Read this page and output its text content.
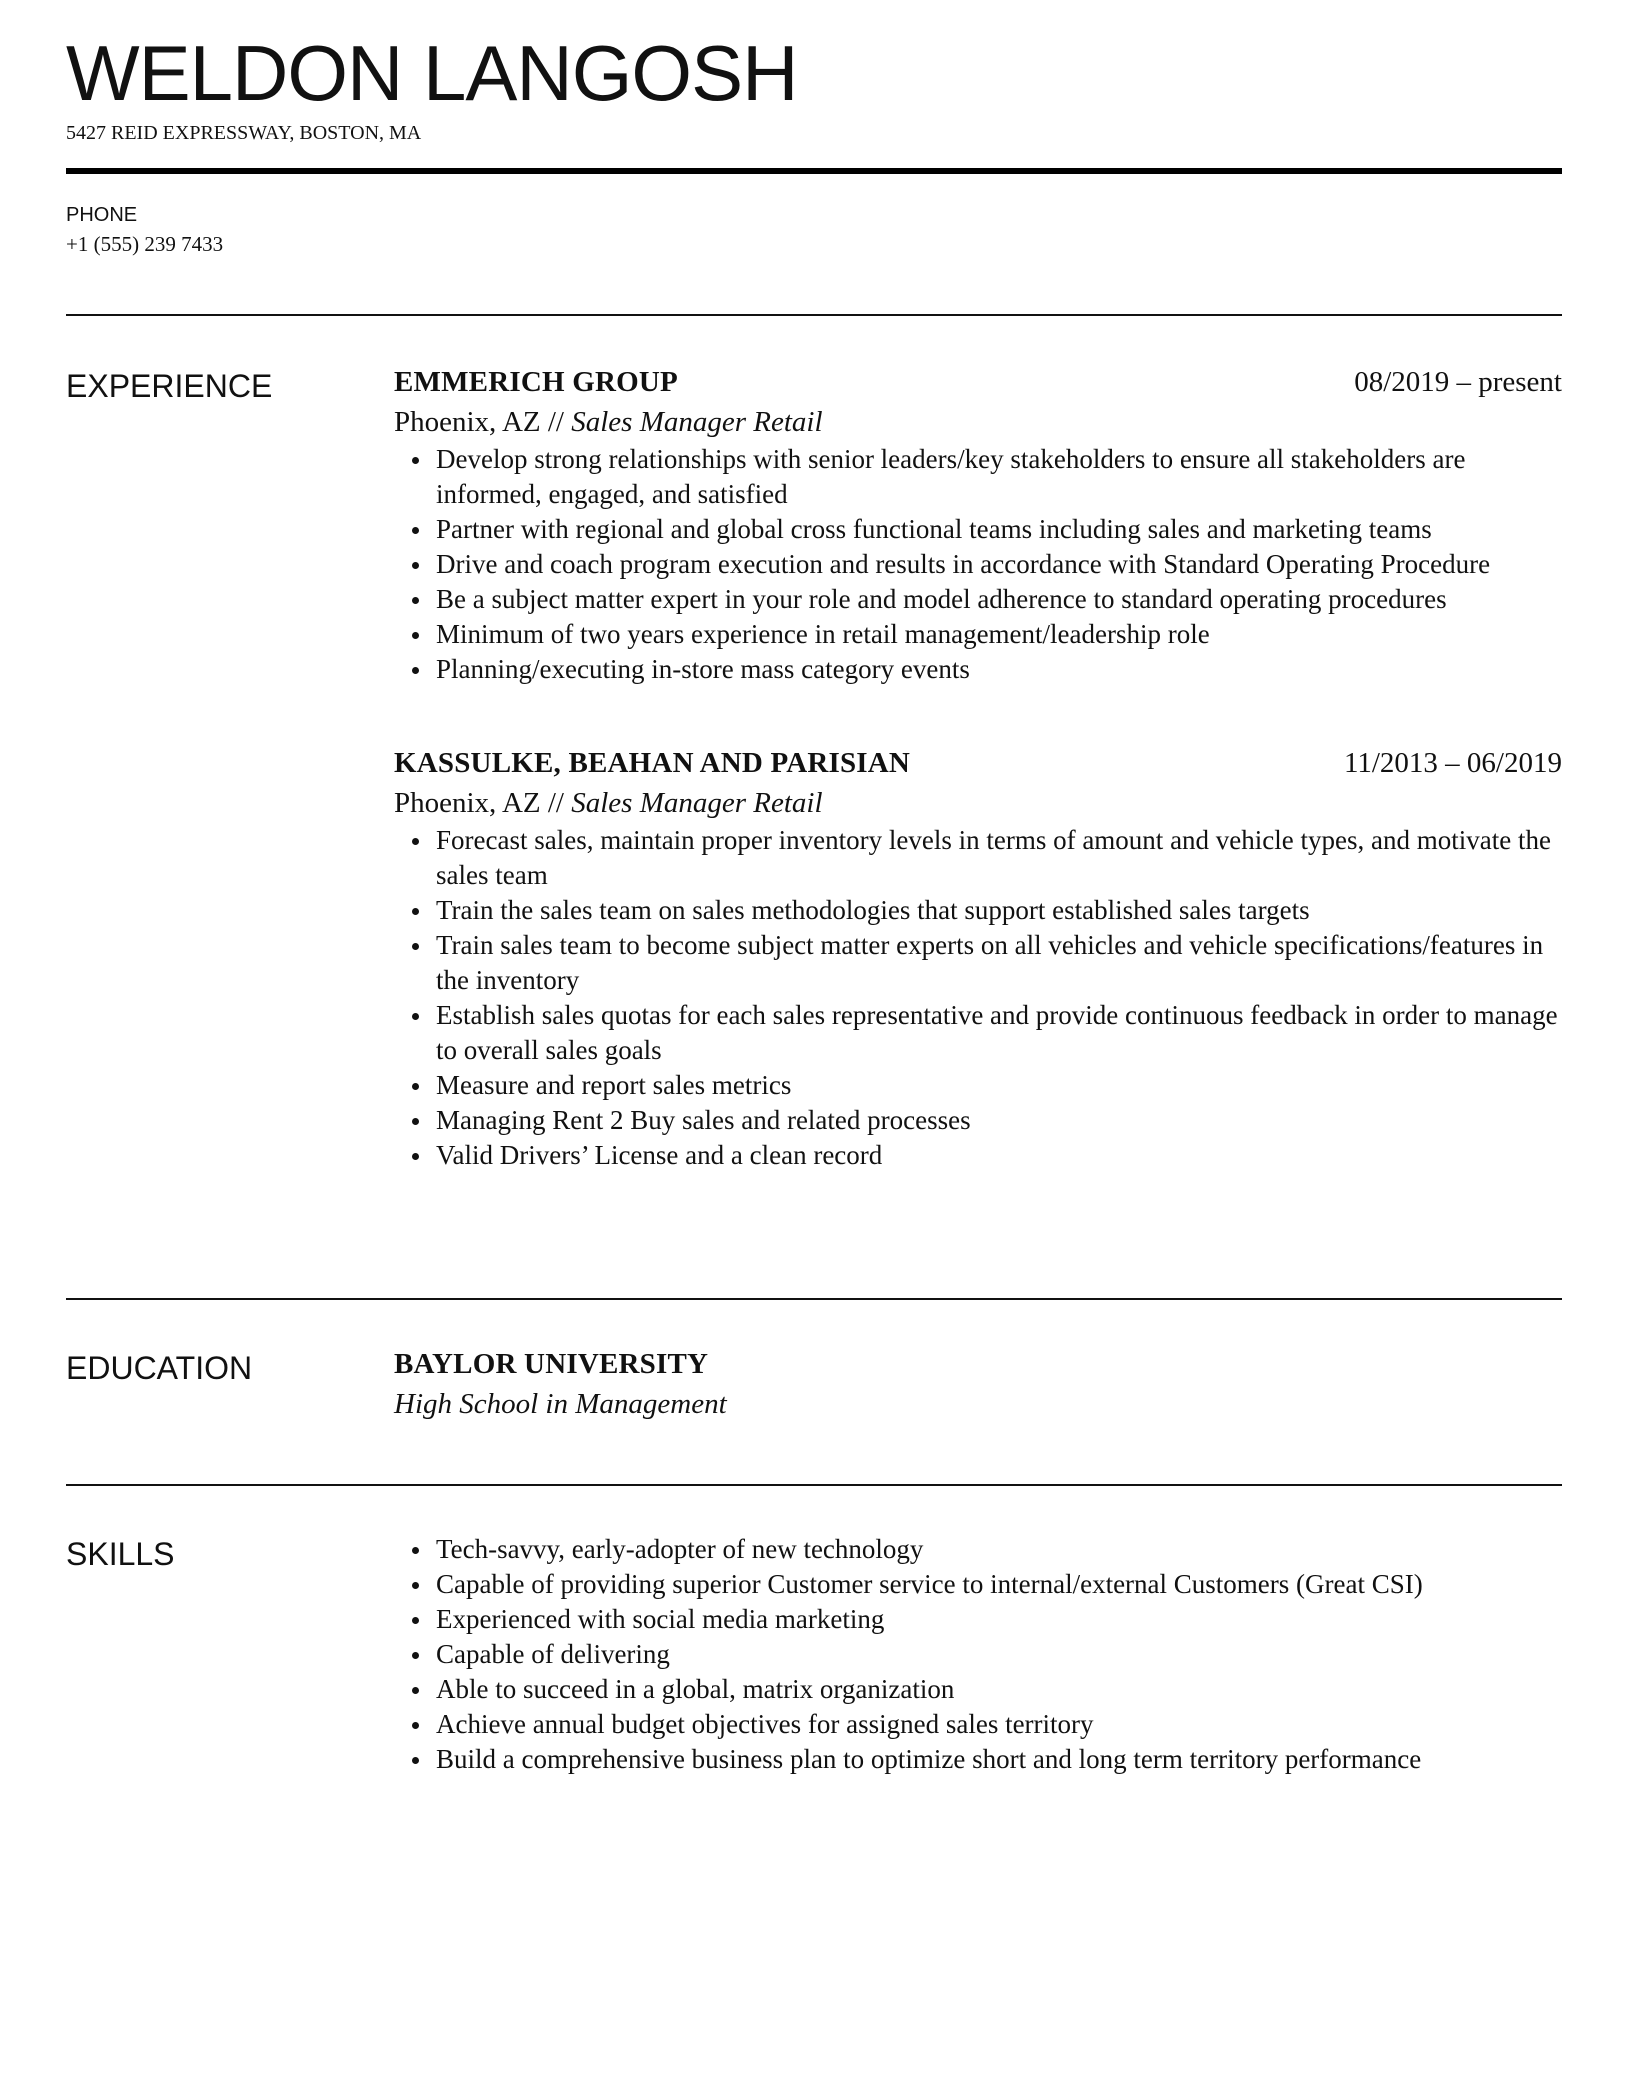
WELDON LANGOSH
5427 REID EXPRESSWAY, BOSTON, MA
PHONE
+1 (555) 239 7433
EXPERIENCE	EMMERICH GROUP	08/2019 – present
Phoenix, AZ // Sales Manager Retail
Develop strong relationships with senior leaders/key stakeholders to ensure all stakeholders are informed, engaged, and satisfied
Partner with regional and global cross functional teams including sales and marketing teams
Drive and coach program execution and results in accordance with Standard Operating Procedure
Be a subject matter expert in your role and model adherence to standard operating procedures
Minimum of two years experience in retail management/leadership role
Planning/executing in-store mass category events
KASSULKE, BEAHAN AND PARISIAN	11/2013 – 06/2019
Phoenix, AZ // Sales Manager Retail
Forecast sales, maintain proper inventory levels in terms of amount and vehicle types, and motivate the sales team
Train the sales team on sales methodologies that support established sales targets
Train sales team to become subject matter experts on all vehicles and vehicle specifications/features in the inventory
Establish sales quotas for each sales representative and provide continuous feedback in order to manage to overall sales goals
Measure and report sales metrics
Managing Rent 2 Buy sales and related processes
Valid Drivers’ License and a clean record
EDUCATION	BAYLOR UNIVERSITY
High School in Management
SKILLS	Tech-savvy, early-adopter of new technology
Capable of providing superior Customer service to internal/external Customers (Great CSI)
Experienced with social media marketing
Capable of delivering
Able to succeed in a global, matrix organization
Achieve annual budget objectives for assigned sales territory
Build a comprehensive business plan to optimize short and long term territory performance
